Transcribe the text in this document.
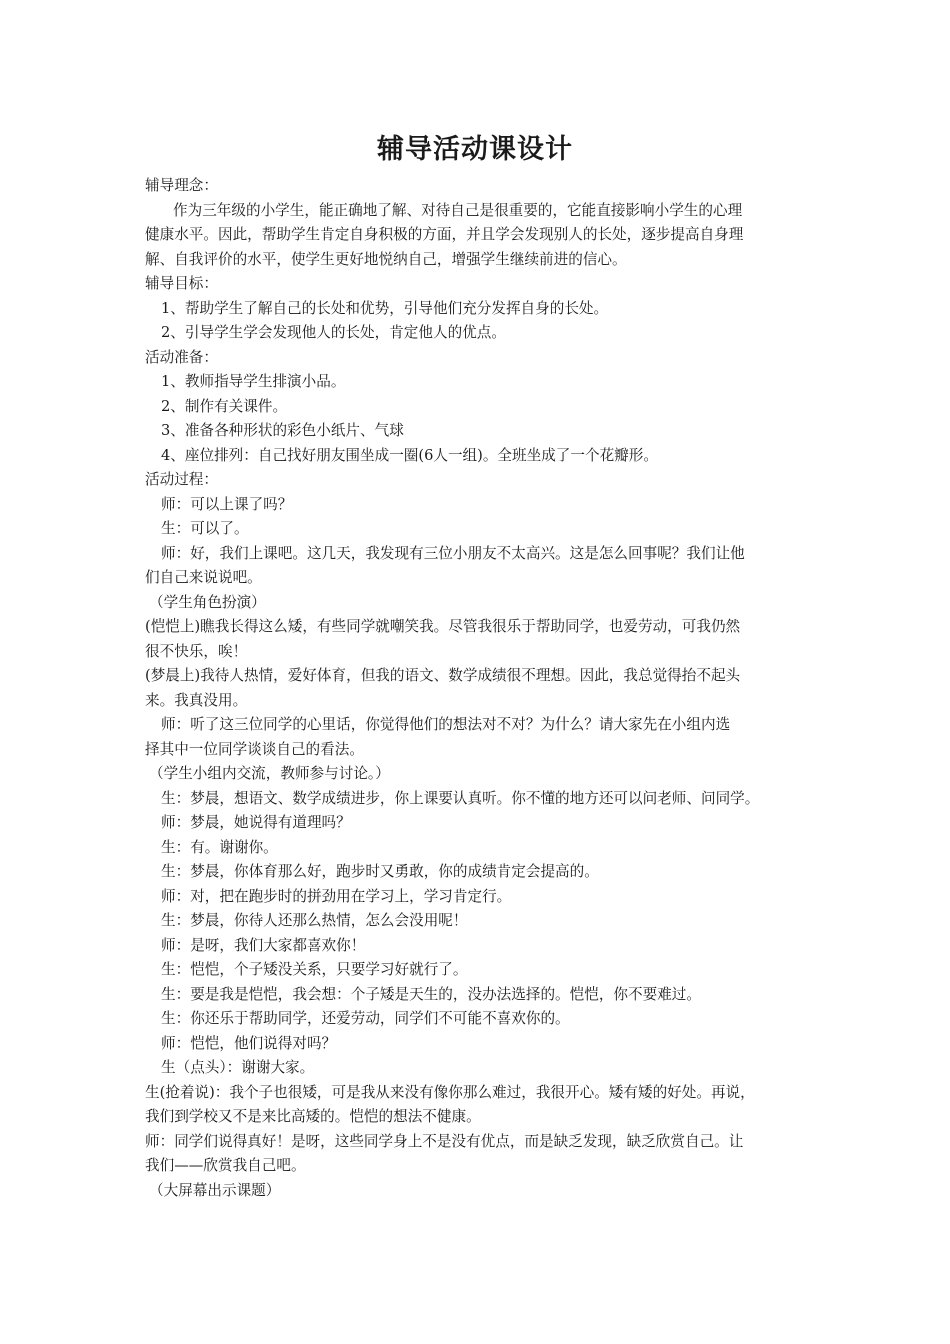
辅导活动课设计
辅导理念：
作为三年级的小学生，能正确地了解、对待自己是很重要的，它能直接影响小学生的心理
健康水平。因此，帮助学生肯定自身积极的方面，并且学会发现别人的长处，逐步提高自身理
解、自我评价的水平，使学生更好地悦纳自己，增强学生继续前进的信心。
辅导目标：
1、帮助学生了解自己的长处和优势，引导他们充分发挥自身的长处。
2、引导学生学会发现他人的长处，肯定他人的优点。
活动准备：
1、教师指导学生排演小品。
2、制作有关课件。
3、准备各种形状的彩色小纸片、气球
4、座位排列：自己找好朋友围坐成一圈(6人一组)。全班坐成了一个花瓣形。
活动过程：
师：可以上课了吗？
生：可以了。
师：好，我们上课吧。这几天，我发现有三位小朋友不太高兴。这是怎么回事呢？我们让他
们自己来说说吧。
（学生角色扮演）
(恺恺上)瞧我长得这么矮，有些同学就嘲笑我。尽管我很乐于帮助同学，也爱劳动，可我仍然
很不快乐，唉！
(梦晨上)我待人热情，爱好体育，但我的语文、数学成绩很不理想。因此，我总觉得抬不起头
来。我真没用。
师：听了这三位同学的心里话，你觉得他们的想法对不对？为什么？请大家先在小组内选
择其中一位同学谈谈自己的看法。
（学生小组内交流，教师参与讨论。）
生：梦晨，想语文、数学成绩进步，你上课要认真听。你不懂的地方还可以问老师、问同学。
师：梦晨，她说得有道理吗？
生：有。谢谢你。
生：梦晨，你体育那么好，跑步时又勇敢，你的成绩肯定会提高的。
师：对，把在跑步时的拼劲用在学习上，学习肯定行。
生：梦晨，你待人还那么热情，怎么会没用呢！
师：是呀，我们大家都喜欢你！
生：恺恺，个子矮没关系，只要学习好就行了。
生：要是我是恺恺，我会想：个子矮是天生的，没办法选择的。恺恺，你不要难过。
生：你还乐于帮助同学，还爱劳动，同学们不可能不喜欢你的。
师：恺恺，他们说得对吗？
生（点头）：谢谢大家。
生(抢着说)：我个子也很矮，可是我从来没有像你那么难过，我很开心。矮有矮的好处。再说，
我们到学校又不是来比高矮的。恺恺的想法不健康。
师：同学们说得真好！是呀，这些同学身上不是没有优点，而是缺乏发现，缺乏欣赏自己。让
我们——欣赏我自己吧。
（大屏幕出示课题）
